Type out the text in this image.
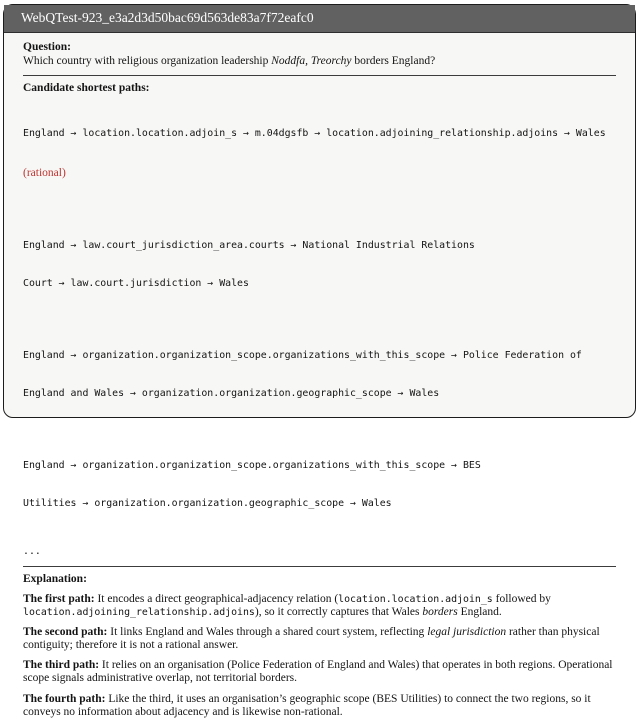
WebQTest-923_e3a2d3d50bac69d563de83a7f72eafc0
Question:
Which country with religious organization leadership Noddfa, Treorchy borders England?
Candidate shortest paths:

England → location.location.adjoin_s → m.04dgsfb → location.adjoining_relationship.adjoins → Wales

(rational)

England → law.court_jurisdiction_area.courts → National Industrial Relations

Court → law.court.jurisdiction → Wales

England → organization.organization_scope.organizations_with_this_scope → Police Federation of

England and Wales → organization.organization.geographic_scope → Wales

England → organization.organization_scope.organizations_with_this_scope → BES

Utilities → organization.organization.geographic_scope → Wales

...
Explanation:

The first path: It encodes a direct geographical-adjacency relation (location.location.adjoin_s followed by location.adjoining_relationship.adjoins), so it correctly captures that Wales borders England.

The second path: It links England and Wales through a shared court system, reflecting legal jurisdiction rather than physical contiguity; therefore it is not a rational answer.

The third path: It relies on an organisation (Police Federation of England and Wales) that operates in both regions. Operational scope signals administrative overlap, not territorial borders.

The fourth path: Like the third, it uses an organisation’s geographic scope (BES Utilities) to connect the two regions, so it conveys no information about adjacency and is likewise non-rational.
